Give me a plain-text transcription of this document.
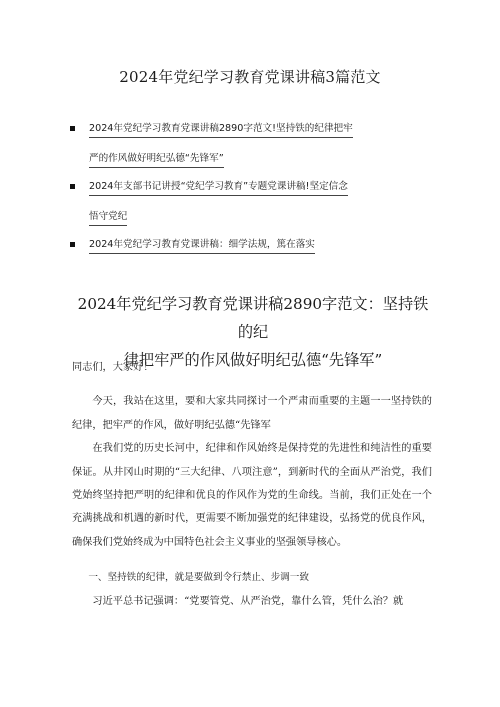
2024年党纪学习教育党课讲稿3篇范文
2024年党纪学习教育党课讲稿2890字范文!坚持铁的纪律把牢
严的作风做好明纪弘德“先锋军”
2024年支部书记讲授“党纪学习教育”专题党课讲稿!坚定信念
悟守党纪
2024年党纪学习教育党课讲稿：细学法规，篤在落实
2024年党纪学习教育党课讲稿2890字范文：坚持铁的纪
律把牢严的作风做好明纪弘德“先锋军”

同志们，大家好！

今天，我站在这里，要和大家共同探讨一个严肃而重要的主题一一坚持铁的纪律，把牢严的作风，做好明纪弘德“先锋军

在我们党的历史长河中，纪律和作风始终是保持党的先进性和纯洁性的重要保证。从井冈山时期的“三大纪律、八项注意”，到新时代的全面从严治党，我们党始终坚持把严明的纪律和优良的作风作为党的生命线。当前，我们正处在一个充满挑战和机遇的新时代，更需要不断加强党的纪律建设，弘扬党的优良作风，确保我们党始终成为中国特色社会主义事业的坚强领导核心。

一、坚持铁的纪律，就是要做到令行禁止、步调一致

习近平总书记强调：“党要管党、从严治党，靠什么管，凭什么治？就
